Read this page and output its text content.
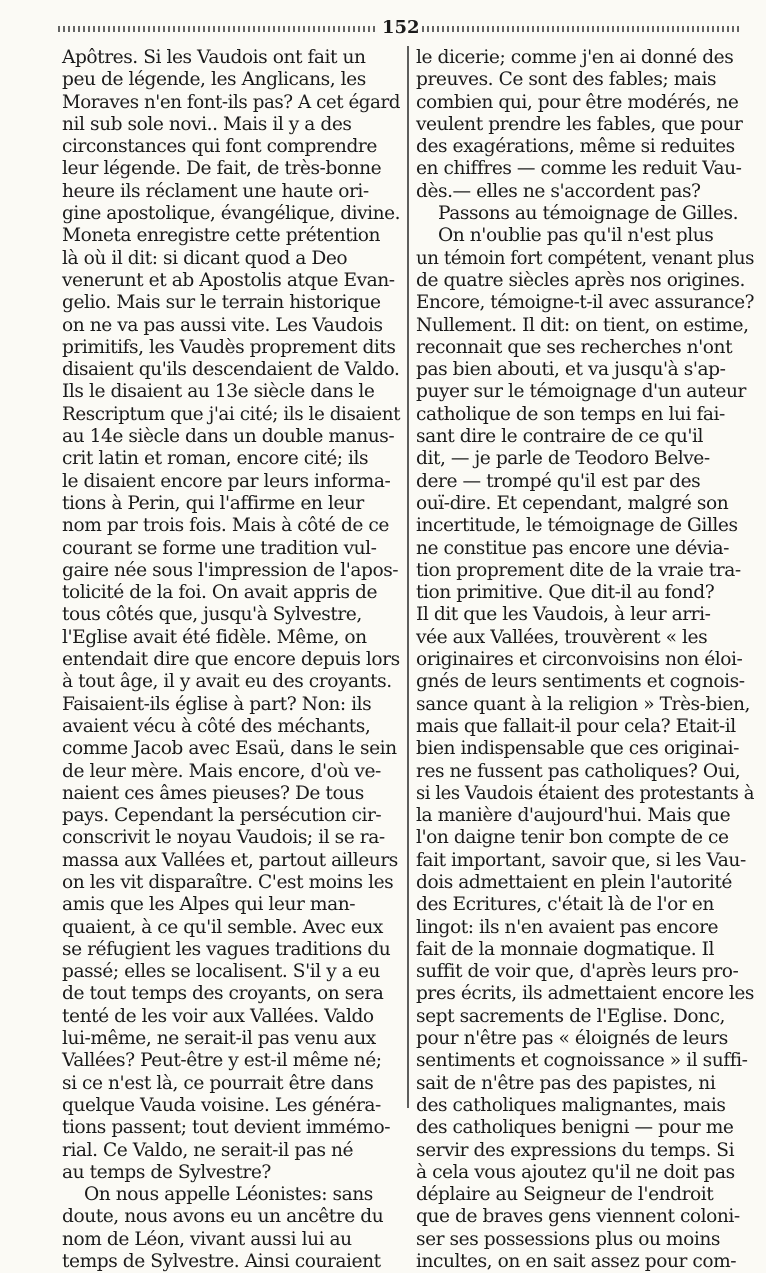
152
Apôtres. Si les Vaudois ont fait un
peu de légende, les Anglicans, les
Moraves n'en font-ils pas? A cet égard
nil sub sole novi.. Mais il y a des
circonstances qui font comprendre
leur légende. De fait, de très-bonne
heure ils réclament une haute ori-
gine apostolique, évangélique, divine.
Moneta enregistre cette prétention
là où il dit: si dicant quod a Deo
venerunt et ab Apostolis atque Evan-
gelio. Mais sur le terrain historique
on ne va pas aussi vite. Les Vaudois
primitifs, les Vaudès proprement dits
disaient qu'ils descendaient de Valdo.
Ils le disaient au 13e siècle dans le
Rescriptum que j'ai cité; ils le disaient
au 14e siècle dans un double manus-
crit latin et roman, encore cité; ils
le disaient encore par leurs informa-
tions à Perin, qui l'affirme en leur
nom par trois fois. Mais à côté de ce
courant se forme une tradition vul-
gaire née sous l'impression de l'apos-
tolicité de la foi. On avait appris de
tous côtés que, jusqu'à Sylvestre,
l'Eglise avait été fidèle. Même, on
entendait dire que encore depuis lors
à tout âge, il y avait eu des croyants.
Faisaient-ils église à part? Non: ils
avaient vécu à côté des méchants,
comme Jacob avec Esaü, dans le sein
de leur mère. Mais encore, d'où ve-
naient ces âmes pieuses? De tous
pays. Cependant la persécution cir-
conscrivit le noyau Vaudois; il se ra-
massa aux Vallées et, partout ailleurs
on les vit disparaître. C'est moins les
amis que les Alpes qui leur man-
quaient, à ce qu'il semble. Avec eux
se réfugient les vagues traditions du
passé; elles se localisent. S'il y a eu
de tout temps des croyants, on sera
tenté de les voir aux Vallées. Valdo
lui-même, ne serait-il pas venu aux
Vallées? Peut-être y est-il même né;
si ce n'est là, ce pourrait être dans
quelque Vauda voisine. Les généra-
tions passent; tout devient immémo-
rial. Ce Valdo, ne serait-il pas né
au temps de Sylvestre?
On nous appelle Léonistes: sans
doute, nous avons eu un ancêtre du
nom de Léon, vivant aussi lui au
temps de Sylvestre. Ainsi couraient
le dicerie; comme j'en ai donné des
preuves. Ce sont des fables; mais
combien qui, pour être modérés, ne
veulent prendre les fables, que pour
des exagérations, même si reduites
en chiffres — comme les reduit Vau-
dès.— elles ne s'accordent pas?
Passons au témoignage de Gilles.
On n'oublie pas qu'il n'est plus
un témoin fort compétent, venant plus
de quatre siècles après nos origines.
Encore, témoigne-t-il avec assurance?
Nullement. Il dit: on tient, on estime,
reconnait que ses recherches n'ont
pas bien abouti, et va jusqu'à s'ap-
puyer sur le témoignage d'un auteur
catholique de son temps en lui fai-
sant dire le contraire de ce qu'il
dit, — je parle de Teodoro Belve-
dere — trompé qu'il est par des
ouï-dire. Et cependant, malgré son
incertitude, le témoignage de Gilles
ne constitue pas encore une dévia-
tion proprement dite de la vraie tra-
tion primitive. Que dit-il au fond?
Il dit que les Vaudois, à leur arri-
vée aux Vallées, trouvèrent « les
originaires et circonvoisins non éloi-
gnés de leurs sentiments et cognois-
sance quant à la religion » Très-bien,
mais que fallait-il pour cela? Etait-il
bien indispensable que ces originai-
res ne fussent pas catholiques? Oui,
si les Vaudois étaient des protestants à
la manière d'aujourd'hui. Mais que
l'on daigne tenir bon compte de ce
fait important, savoir que, si les Vau-
dois admettaient en plein l'autorité
des Ecritures, c'était là de l'or en
lingot: ils n'en avaient pas encore
fait de la monnaie dogmatique. Il
suffit de voir que, d'après leurs pro-
pres écrits, ils admettaient encore les
sept sacrements de l'Eglise. Donc,
pour n'être pas « éloignés de leurs
sentiments et cognoissance » il suffi-
sait de n'être pas des papistes, ni
des catholiques malignantes, mais
des catholiques benigni — pour me
servir des expressions du temps. Si
à cela vous ajoutez qu'il ne doit pas
déplaire au Seigneur de l'endroit
que de braves gens viennent coloni-
ser ses possessions plus ou moins
incultes, on en sait assez pour com-
